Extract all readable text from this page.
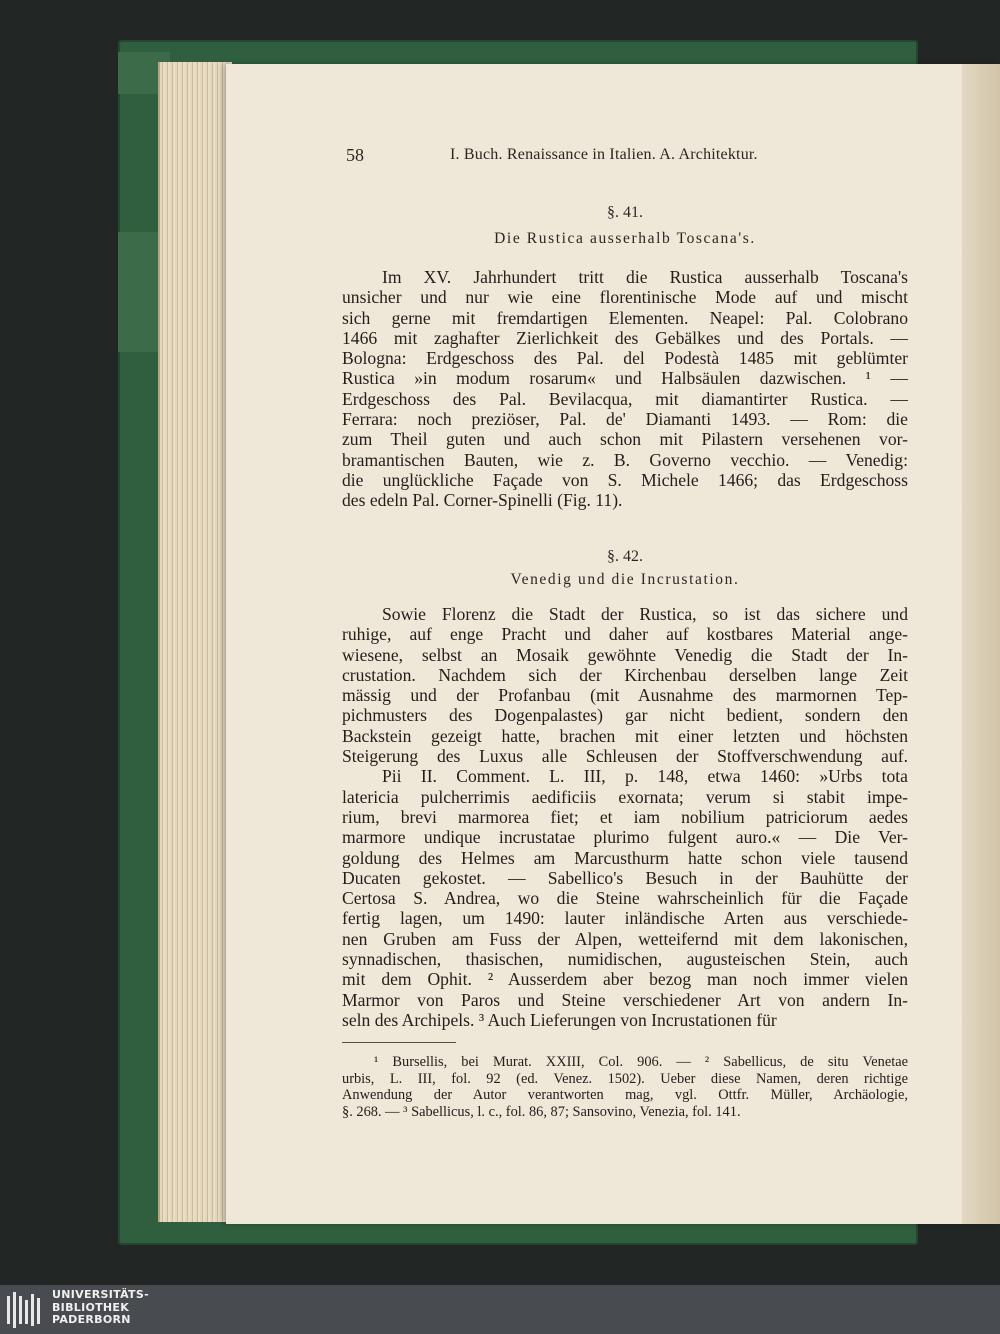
58	I. Buch. Renaissance in Italien. A. Architektur.
§. 41.
Die Rustica ausserhalb Toscana's.
Im XV. Jahrhundert tritt die Rustica ausserhalb Toscana's
unsicher und nur wie eine florentinische Mode auf und mischt
sich gerne mit fremdartigen Elementen. Neapel: Pal. Colobrano
1466 mit zaghafter Zierlichkeit des Gebälkes und des Portals. —
Bologna: Erdgeschoss des Pal. del Podestà 1485 mit geblümter
Rustica »in modum rosarum« und Halbsäulen dazwischen. ¹ —
Erdgeschoss des Pal. Bevilacqua, mit diamantirter Rustica. —
Ferrara: noch preziöser, Pal. de' Diamanti 1493. — Rom: die
zum Theil guten und auch schon mit Pilastern versehenen vor-
bramantischen Bauten, wie z. B. Governo vecchio. — Venedig:
die unglückliche Façade von S. Michele 1466; das Erdgeschoss
des edeln Pal. Corner-Spinelli (Fig. 11).
§. 42.
Venedig und die Incrustation.
Sowie Florenz die Stadt der Rustica, so ist das sichere und
ruhige, auf enge Pracht und daher auf kostbares Material ange-
wiesene, selbst an Mosaik gewöhnte Venedig die Stadt der In-
crustation. Nachdem sich der Kirchenbau derselben lange Zeit
mässig und der Profanbau (mit Ausnahme des marmornen Tep-
pichmusters des Dogenpalastes) gar nicht bedient, sondern den
Backstein gezeigt hatte, brachen mit einer letzten und höchsten
Steigerung des Luxus alle Schleusen der Stoffverschwendung auf.
Pii II. Comment. L. III, p. 148, etwa 1460: »Urbs tota
latericia pulcherrimis aedificiis exornata; verum si stabit impe-
rium, brevi marmorea fiet; et iam nobilium patriciorum aedes
marmore undique incrustatae plurimo fulgent auro.« — Die Ver-
goldung des Helmes am Marcusthurm hatte schon viele tausend
Ducaten gekostet. — Sabellico's Besuch in der Bauhütte der
Certosa S. Andrea, wo die Steine wahrscheinlich für die Façade
fertig lagen, um 1490: lauter inländische Arten aus verschiede-
nen Gruben am Fuss der Alpen, wetteifernd mit dem lakonischen,
synnadischen, thasischen, numidischen, augusteischen Stein, auch
mit dem Ophit. ² Ausserdem aber bezog man noch immer vielen
Marmor von Paros und Steine verschiedener Art von andern In-
seln des Archipels. ³ Auch Lieferungen von Incrustationen für
¹ Bursellis, bei Murat. XXIII, Col. 906. — ² Sabellicus, de situ Venetae
urbis, L. III, fol. 92 (ed. Venez. 1502). Ueber diese Namen, deren richtige
Anwendung der Autor verantworten mag, vgl. Ottfr. Müller, Archäologie,
§. 268. — ³ Sabellicus, l. c., fol. 86, 87; Sansovino, Venezia, fol. 141.
UNIVERSITÄTS-
BIBLIOTHEK
PADERBORN
